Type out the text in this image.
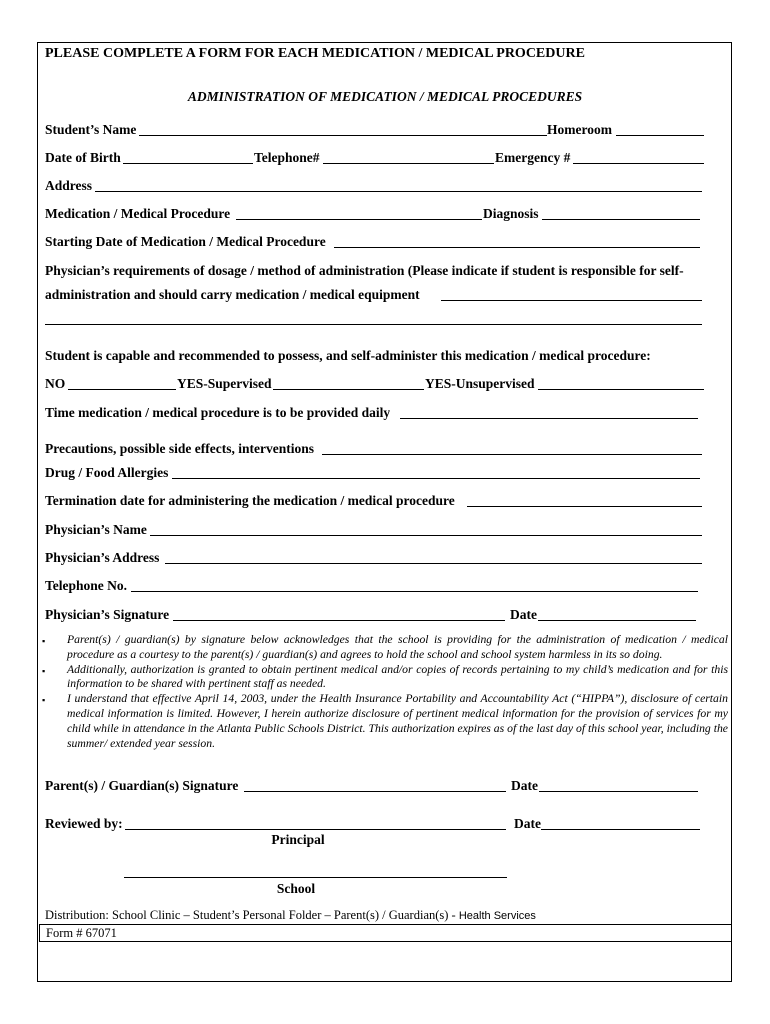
PLEASE COMPLETE A FORM FOR EACH MEDICATION / MEDICAL PROCEDURE
ADMINISTRATION OF MEDICATION / MEDICAL PROCEDURES
Student’s Name	Homeroom
Date of Birth	Telephone#	Emergency #
Address
Medication / Medical Procedure	Diagnosis
Starting Date of Medication / Medical Procedure
Physician’s requirements of dosage / method of administration (Please indicate if student is responsible for self-
administration and should carry medication / medical equipment
Student is capable and recommended to possess, and self-administer this medication / medical procedure:
NO	YES-Supervised	YES-Unsupervised
Time medication / medical procedure is to be provided daily
Precautions, possible side effects, interventions
Drug / Food Allergies
Termination date for administering the medication / medical procedure
Physician’s Name
Physician’s Address
Telephone No.
Physician’s Signature	Date
▪	Parent(s) / guardian(s) by signature below acknowledges that the school is providing for the administration of medication / medical procedure as a courtesy to the parent(s) / guardian(s) and agrees to hold the school and school system harmless in its so doing.
▪	Additionally, authorization is granted to obtain pertinent medical and/or copies of records pertaining to my child’s medication and for this information to be shared with pertinent staff as needed.
▪	I understand that effective April 14, 2003, under the Health Insurance Portability and Accountability Act (“HIPPA”), disclosure of certain medical information is limited. However, I herein authorize disclosure of pertinent medical information for the provision of services for my child while in attendance in the Atlanta Public Schools District. This authorization expires as of the last day of this school year, including the summer/ extended year session.
Parent(s) / Guardian(s) Signature	Date
Reviewed by:	Date
Principal
School
Distribution: School Clinic – Student’s Personal Folder – Parent(s) / Guardian(s) - Health Services
Form # 67071
